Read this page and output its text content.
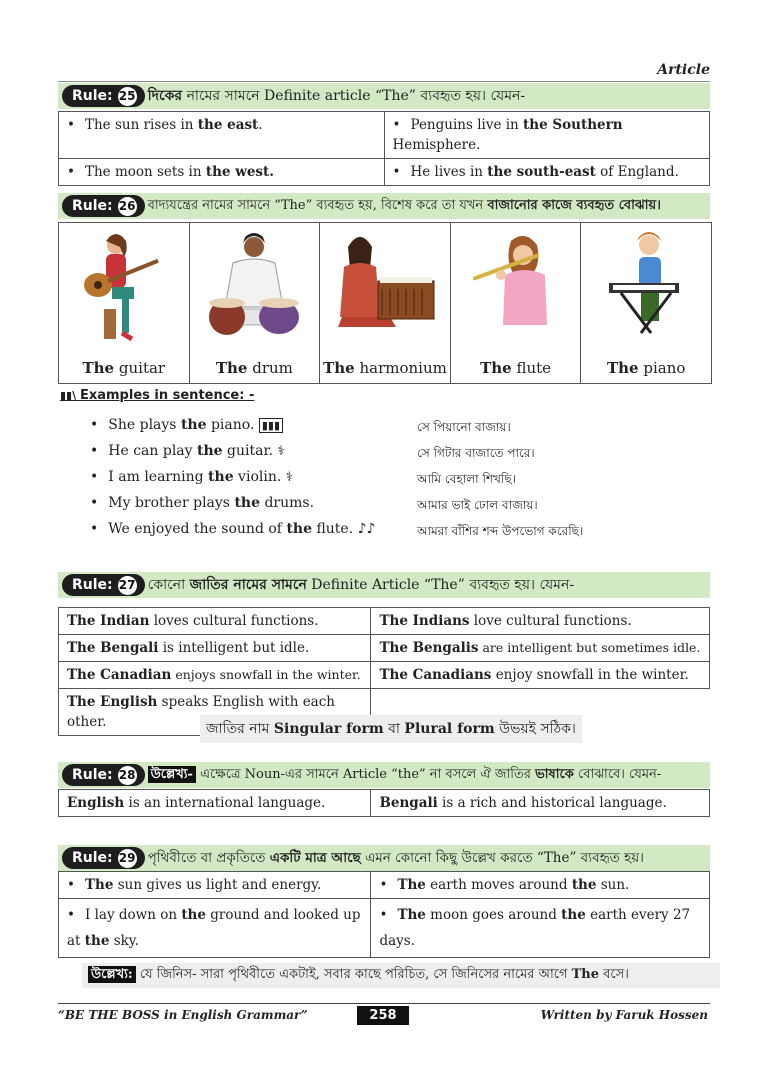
Article
Rule: 25 দিকের নামের সামনে Definite article “The” ব্যবহৃত হয়। যেমন-
• The sun rises in the east.	• Penguins live in the Southern Hemisphere.
• The moon sets in the west.	• He lives in the south-east of England.
Rule: 26 বাদ্যযন্ত্রের নামের সামনে “The” ব্যবহৃত হয়, বিশেষ করে তা যখন বাজানোর কাজে ব্যবহৃত বোঝায়।
The guitar	The drum	The harmonium	The flute	The piano
▮▮\ Examples in sentence: -
• She plays the piano. ▮▮▮	সে পিয়ানো বাজায়।
• He can play the guitar. ⚕	সে গিটার বাজাতে পারে।
• I am learning the violin. ⚕	আমি বেহালা শিখছি।
• My brother plays the drums.	আমার ভাই ঢোল বাজায়।
• We enjoyed the sound of the flute. ♪♪	আমরা বাঁশির শব্দ উপভোগ করেছি।
Rule: 27 কোনো জাতির নামের সামনে Definite Article “The” ব্যবহৃত হয়। যেমন-
The Indian loves cultural functions.	The Indians love cultural functions.
The Bengali is intelligent but idle.	The Bengalis are intelligent but sometimes idle.
The Canadian enjoys snowfall in the winter.	The Canadians enjoy snowfall in the winter.
The English speaks English with each other.		জাতির নাম Singular form বা Plural form উভয়ই সঠিক।
Rule: 28 উল্লেখ্য- এক্ষেত্রে Noun-এর সামনে Article “the” না বসলে ঐ জাতির ভাষাকে বোঝাবে। যেমন-
English is an international language.	Bengali is a rich and historical language.
Rule: 29 পৃথিবীতে বা প্রকৃতিতে একটি মাত্র আছে এমন কোনো কিছু উল্লেখ করতে “The” ব্যবহৃত হয়।
• The sun gives us light and energy.	• The earth moves around the sun.
• I lay down on the ground and looked up at the sky.	• The moon goes around the earth every 27 days.
উল্লেখ্য: যে জিনিস- সারা পৃথিবীতে একটাই, সবার কাছে পরিচিত, সে জিনিসের নামের আগে The বসে।
“BE THE BOSS in English Grammar”	258	Written by Faruk Hossen
